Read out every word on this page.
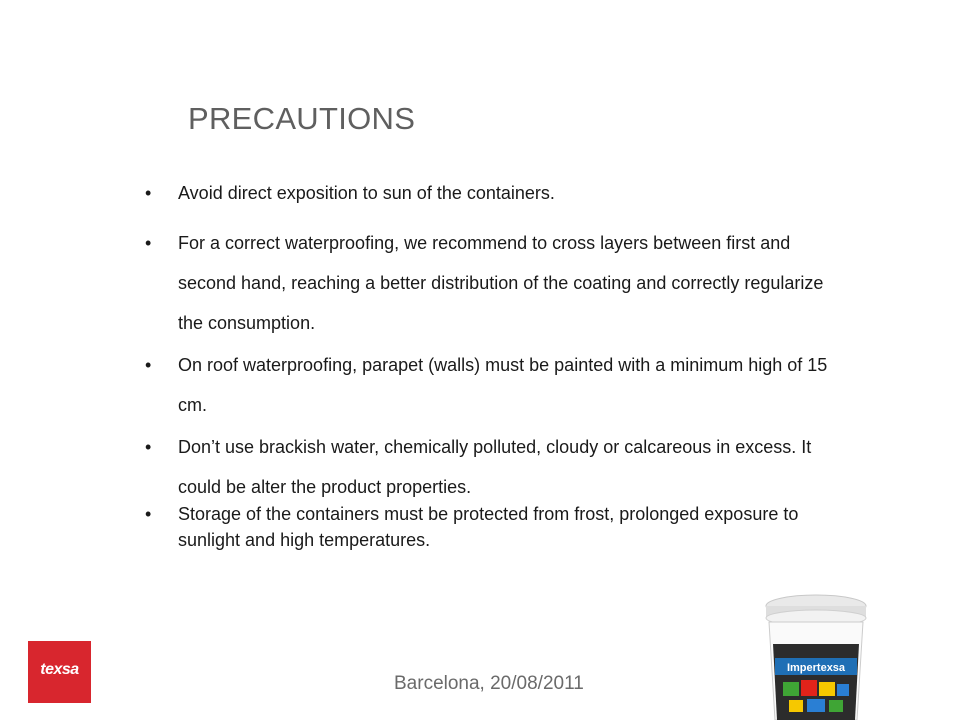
PRECAUTIONS
•	Avoid direct exposition to sun of the containers.
•	For a correct waterproofing, we recommend to cross layers between first and second hand, reaching a better distribution of the coating and correctly regularize the consumption.
•	On roof waterproofing, parapet (walls) must be painted with a minimum high of 15 cm.
•	Don’t use brackish water, chemically polluted, cloudy or calcareous in excess. It could be alter the product properties.
•	Storage of the containers must be protected from frost, prolonged exposure to sunlight and high temperatures.
texsa
Barcelona, 20/08/2011
Impertexsa
